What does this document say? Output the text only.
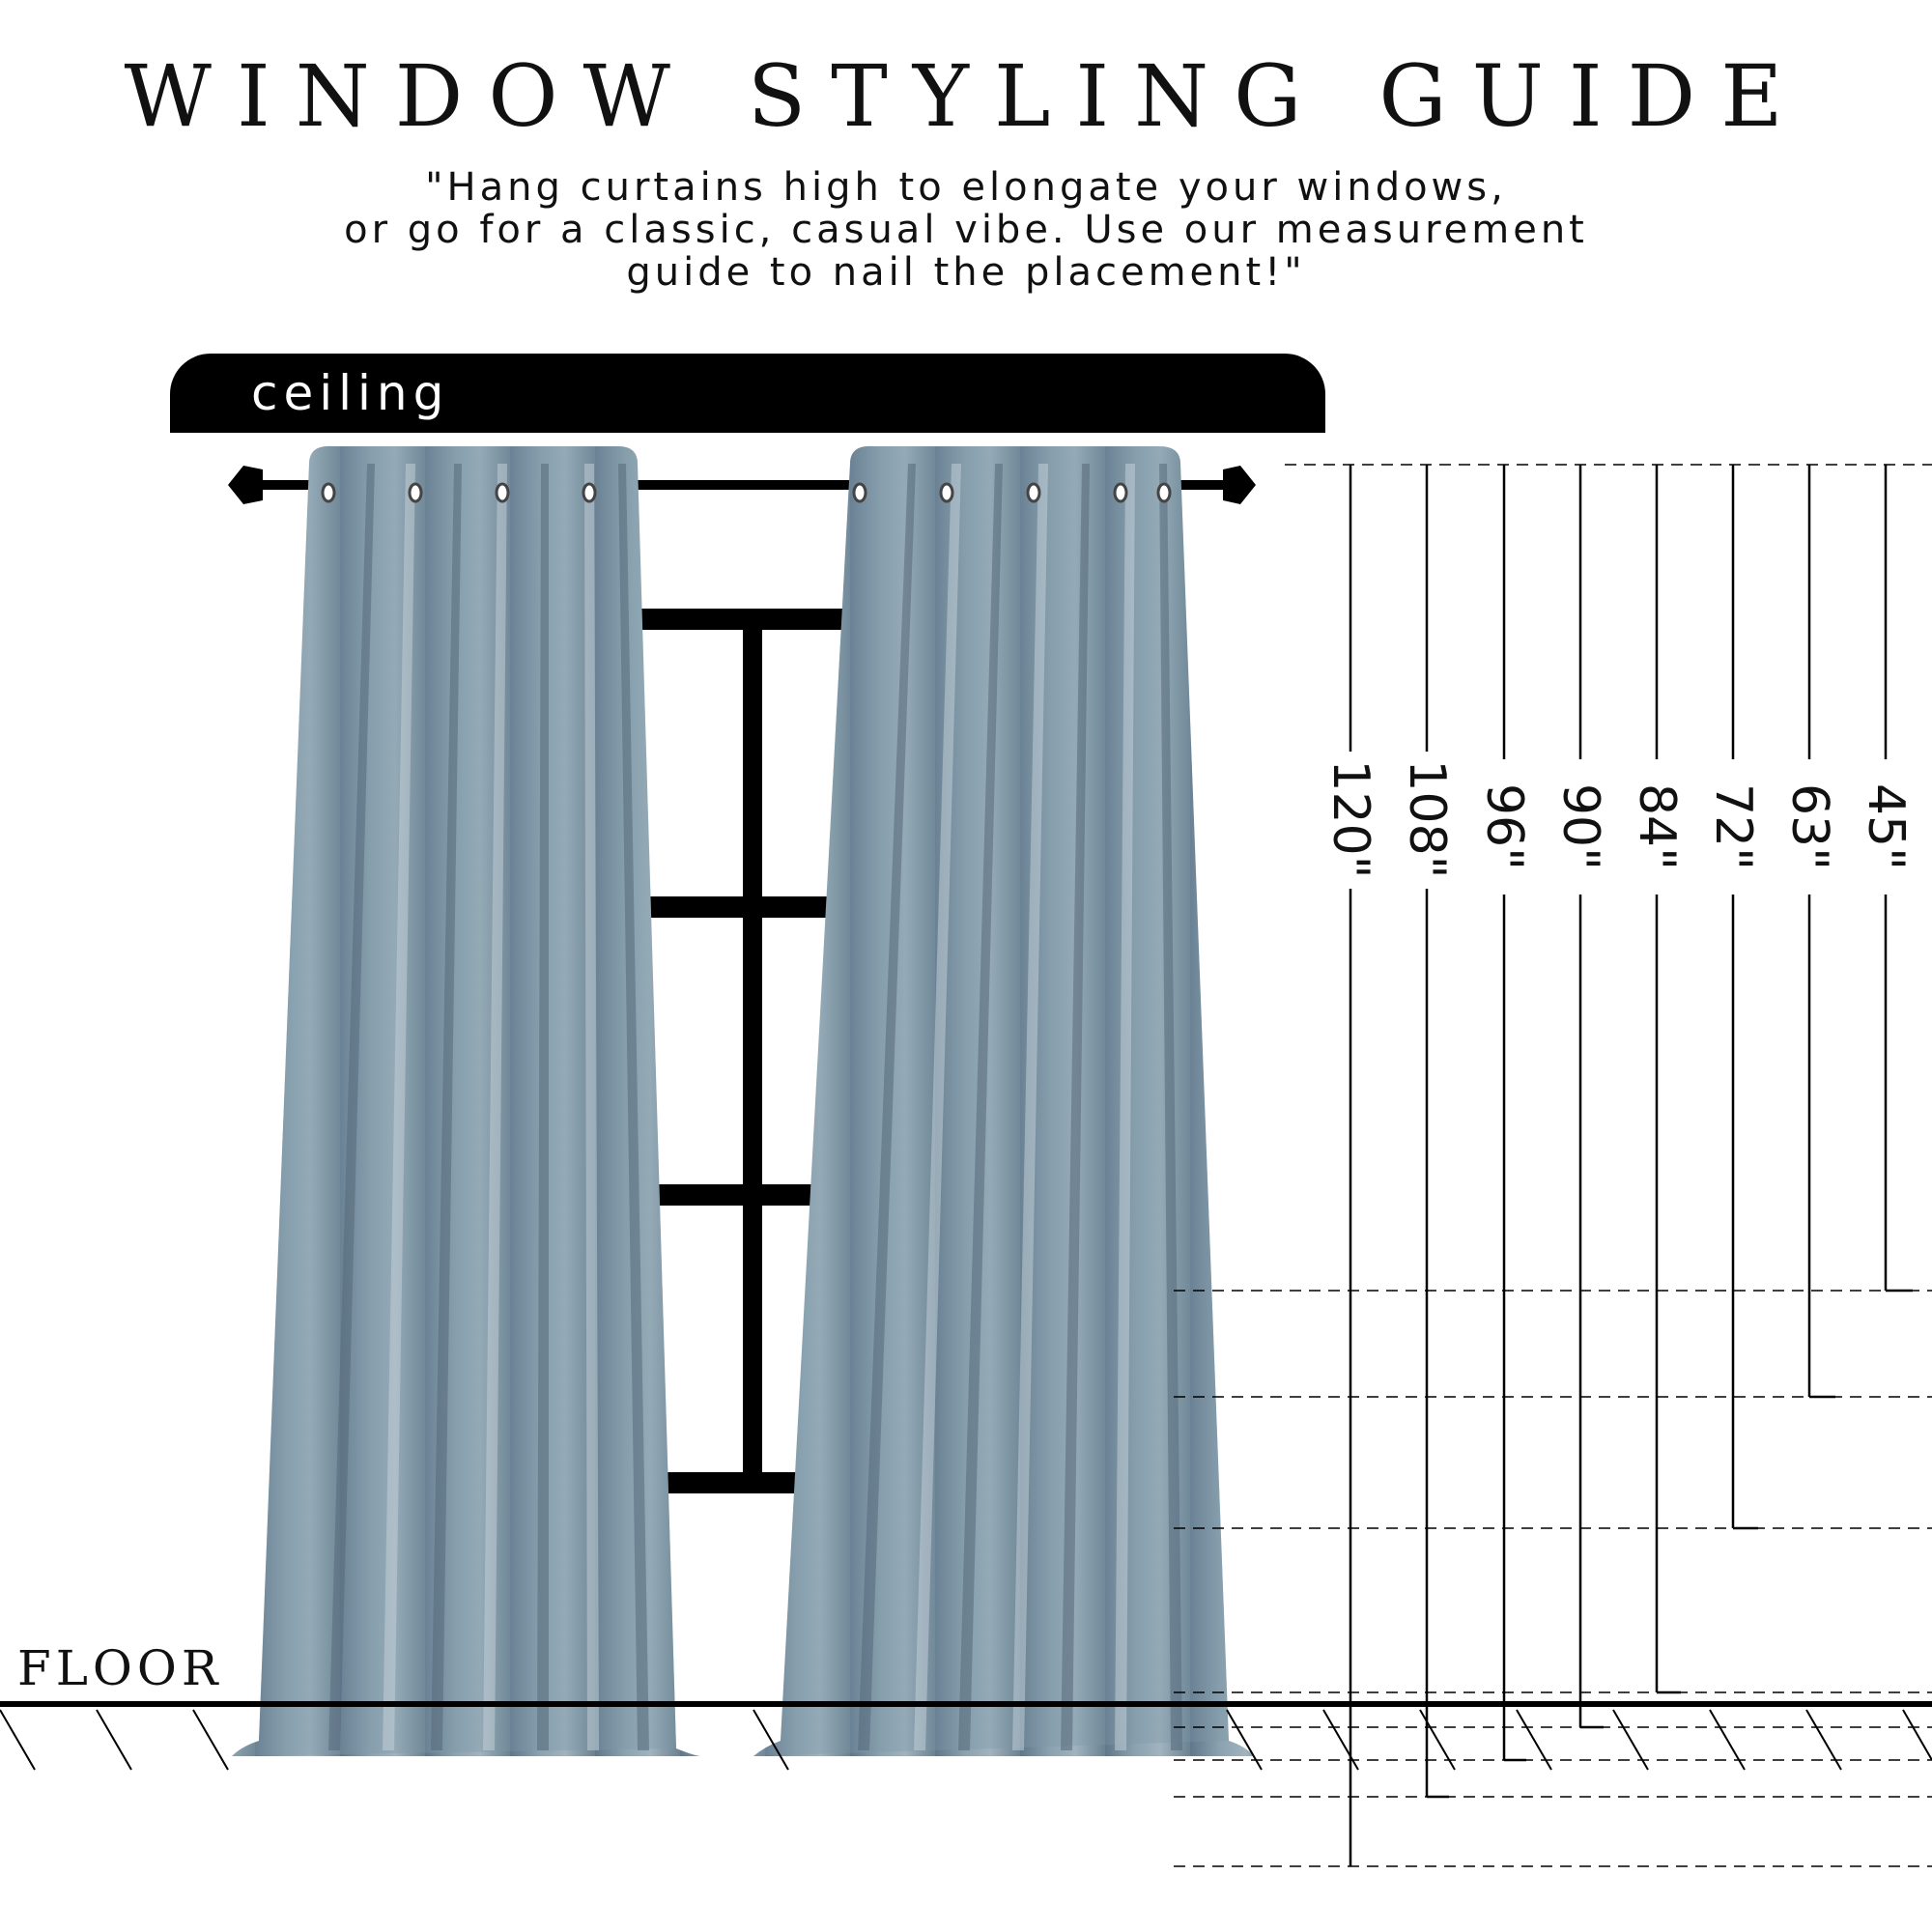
WINDOW STYLING GUIDE
"Hang curtains high to elongate your windows,
or go for a classic, casual vibe. Use our measurement
guide to nail the placement!"
ceiling
FLOOR
120" 108" 96" 90" 84" 72" 63" 45"
